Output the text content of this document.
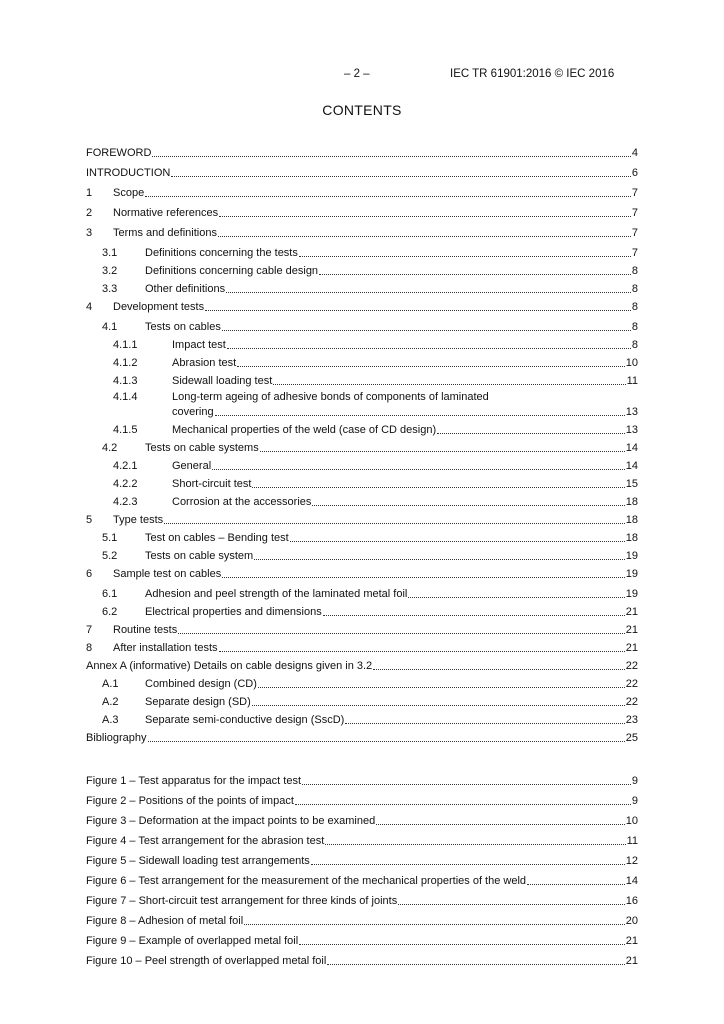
– 2 –	IEC TR 61901:2016 © IEC 2016
CONTENTS
FOREWORD	4
INTRODUCTION	6
1	Scope	7
2	Normative references	7
3	Terms and definitions	7
3.1	Definitions concerning the tests	7
3.2	Definitions concerning cable design	8
3.3	Other definitions	8
4	Development tests	8
4.1	Tests on cables	8
4.1.1	Impact test	8
4.1.2	Abrasion test	10
4.1.3	Sidewall loading test	11
4.1.4	Long-term ageing of adhesive bonds of components of laminated
covering	13
4.1.5	Mechanical properties of the weld (case of CD design)	13
4.2	Tests on cable systems	14
4.2.1	General	14
4.2.2	Short-circuit test	15
4.2.3	Corrosion at the accessories	18
5	Type tests	18
5.1	Test on cables – Bending test	18
5.2	Tests on cable system	19
6	Sample test on cables	19
6.1	Adhesion and peel strength of the laminated metal foil	19
6.2	Electrical properties and dimensions	21
7	Routine tests	21
8	After installation tests	21
Annex A (informative) Details on cable designs given in 3.2	22
A.1	Combined design (CD)	22
A.2	Separate design (SD)	22
A.3	Separate semi-conductive design (SscD)	23
Bibliography	25
Figure 1 – Test apparatus for the impact test	9
Figure 2 – Positions of the points of impact	9
Figure 3 – Deformation at the impact points to be examined	10
Figure 4 – Test arrangement for the abrasion test	11
Figure 5 – Sidewall loading test arrangements	12
Figure 6 – Test arrangement for the measurement of the mechanical properties of the weld	14
Figure 7 – Short-circuit test arrangement for three kinds of joints	16
Figure 8 – Adhesion of metal foil	20
Figure 9 – Example of overlapped metal foil	21
Figure 10 – Peel strength of overlapped metal foil	21
